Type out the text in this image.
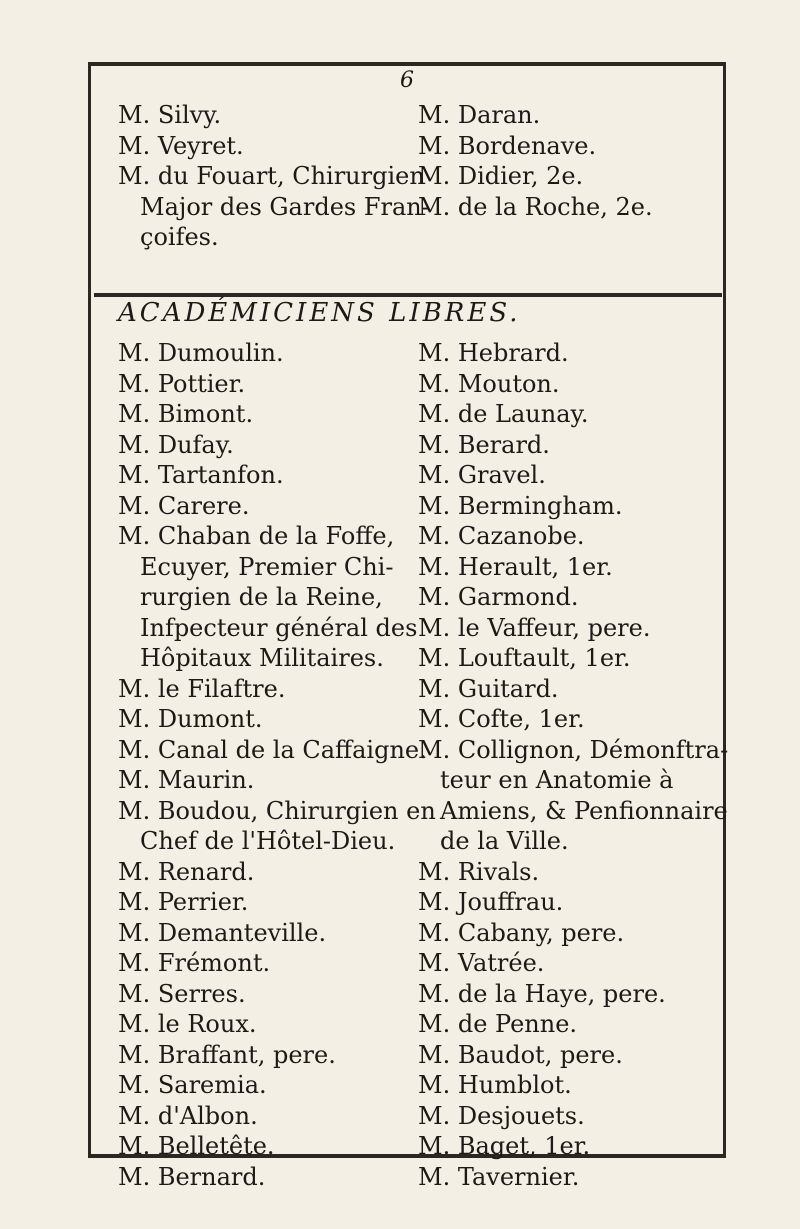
6
M. Silvy.
M. Veyret.
M. du Fouart, Chirurgien
Major des Gardes Fran-
çoifes.
M. Daran.
M. Bordenave.
M. Didier, 2e.
M. de la Roche, 2e.
ACADÉMICIENS LIBRES.
M. Dumoulin.
M. Pottier.
M. Bimont.
M. Dufay.
M. Tartanfon.
M. Carere.
M. Chaban de la Foffe,
Ecuyer, Premier Chi-
rurgien de la Reine,
Infpecteur général des
Hôpitaux Militaires.
M. le Filaftre.
M. Dumont.
M. Canal de la Caffaigne.
M. Maurin.
M. Boudou, Chirurgien en
Chef de l'Hôtel-Dieu.
M. Renard.
M. Perrier.
M. Demanteville.
M. Frémont.
M. Serres.
M. le Roux.
M. Braffant, pere.
M. Saremia.
M. d'Albon.
M. Belletête.
M. Bernard.
M. Hebrard.
M. Mouton.
M. de Launay.
M. Berard.
M. Gravel.
M. Bermingham.
M. Cazanobe.
M. Herault, 1er.
M. Garmond.
M. le Vaffeur, pere.
M. Louftault, 1er.
M. Guitard.
M. Cofte, 1er.
M. Collignon, Démonftra-
teur en Anatomie à
Amiens, & Penfionnaire
de la Ville.
M. Rivals.
M. Jouffrau.
M. Cabany, pere.
M. Vatrée.
M. de la Haye, pere.
M. de Penne.
M. Baudot, pere.
M. Humblot.
M. Desjouets.
M. Baget, 1er.
M. Tavernier.
